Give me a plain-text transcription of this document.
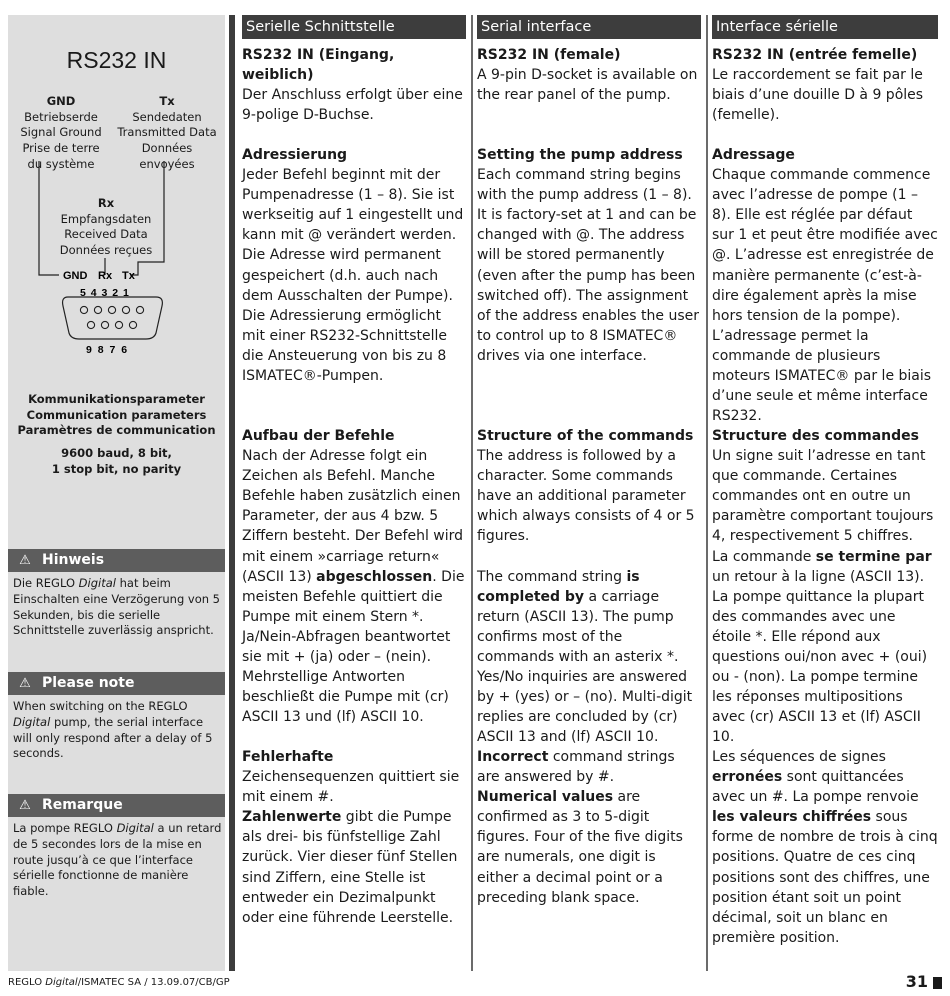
RS232 IN
GND
Betriebserde
Signal Ground
Prise de terre
du système
Tx
Sendedaten
Transmitted Data
Données
envoyées
Rx
Empfangsdaten
Received Data
Données reçues
GND Rx Tx
5 4 3 2 1
9 8 7 6
Kommunikationsparameter
Communication parameters
Paramètres de communication
9600 baud, 8 bit,
1 stop bit, no parity
⚠ Hinweis
Die REGLO Digital hat beim Einschalten eine Verzögerung von 5 Sekunden, bis die serielle Schnittstelle zuverlässig anspricht.
⚠ Please note
When switching on the REGLO Digital pump, the serial interface will only respond after a delay of 5 seconds.
⚠ Remarque
La pompe REGLO Digital a un retard de 5 secondes lors de la mise en route jusqu’à ce que l’interface sérielle fonctionne de manière fiable.
Serielle Schnittstelle
RS232 IN (Eingang, weiblich)
Der Anschluss erfolgt über eine 9-polige D-Buchse.
Adressierung
Jeder Befehl beginnt mit der Pumpenadresse (1 – 8). Sie ist werkseitig auf 1 eingestellt und kann mit @ verändert werden. Die Adresse wird permanent gespeichert (d.h. auch nach dem Ausschalten der Pumpe). Die Adressierung ermöglicht mit einer RS232-Schnittstelle die Ansteuerung von bis zu 8 ISMATEC®-Pumpen.
Aufbau der Befehle
Nach der Adresse folgt ein Zeichen als Befehl. Manche Befehle haben zusätzlich einen Parameter, der aus 4 bzw. 5 Ziffern besteht. Der Befehl wird mit einem »carriage return« (ASCII 13) abgeschlossen. Die meisten Befehle quittiert die Pumpe mit einem Stern *. Ja/Nein-Abfragen beantwortet sie mit + (ja) oder – (nein). Mehrstellige Antworten beschließt die Pumpe mit (cr) ASCII 13 und (lf) ASCII 10.
Fehlerhafte Zeichensequenzen quittiert sie mit einem #.
Zahlenwerte gibt die Pumpe als drei- bis fünfstellige Zahl zurück. Vier dieser fünf Stellen sind Ziffern, eine Stelle ist entweder ein Dezimalpunkt oder eine führende Leerstelle.
Serial interface
RS232 IN (female)
A 9-pin D-socket is available on the rear panel of the pump.
Setting the pump address
Each command string begins with the pump address (1 – 8). It is factory-set at 1 and can be changed with @. The address will be stored permanently (even after the pump has been switched off). The assignment of the address enables the user to control up to 8 ISMATEC® drives via one interface.
Structure of the commands
The address is followed by a character. Some commands have an additional parameter which always consists of 4 or 5 figures.
The command string is completed by a carriage return (ASCII 13). The pump confirms most of the commands with an asterix *. Yes/No inquiries are answered by + (yes) or – (no). Multi-digit replies are concluded by (cr) ASCII 13 and (lf) ASCII 10.
Incorrect command strings are answered by #.
Numerical values are confirmed as 3 to 5-digit figures. Four of the five digits are numerals, one digit is either a decimal point or a preceding blank space.
Interface sérielle
RS232 IN (entrée femelle)
Le raccordement se fait par le biais d’une douille D à 9 pôles (femelle).
Adressage
Chaque commande commence avec l’adresse de pompe (1 – 8). Elle est réglée par défaut sur 1 et peut être modifiée avec @. L’adresse est enregistrée de manière permanente (c’est-à-dire également après la mise hors tension de la pompe). L’adressage permet la commande de plusieurs moteurs ISMATEC® par le biais d’une seule et même interface RS232.
Structure des commandes
Un signe suit l’adresse en tant que commande. Certaines commandes ont en outre un paramètre comportant toujours 4, respectivement 5 chiffres.
La commande se termine par un retour à la ligne (ASCII 13). La pompe quittance la plupart des commandes avec une étoile *. Elle répond aux questions oui/non avec + (oui) ou - (non). La pompe termine les réponses multipositions avec (cr) ASCII 13 et (lf) ASCII 10.
Les séquences de signes erronées sont quittancées avec un #. La pompe renvoie les valeurs chiffrées sous forme de nombre de trois à cinq positions. Quatre de ces cinq positions sont des chiffres, une position étant soit un point décimal, soit un blanc en première position.
REGLO Digital/ISMATEC SA / 13.09.07/CB/GP	31
